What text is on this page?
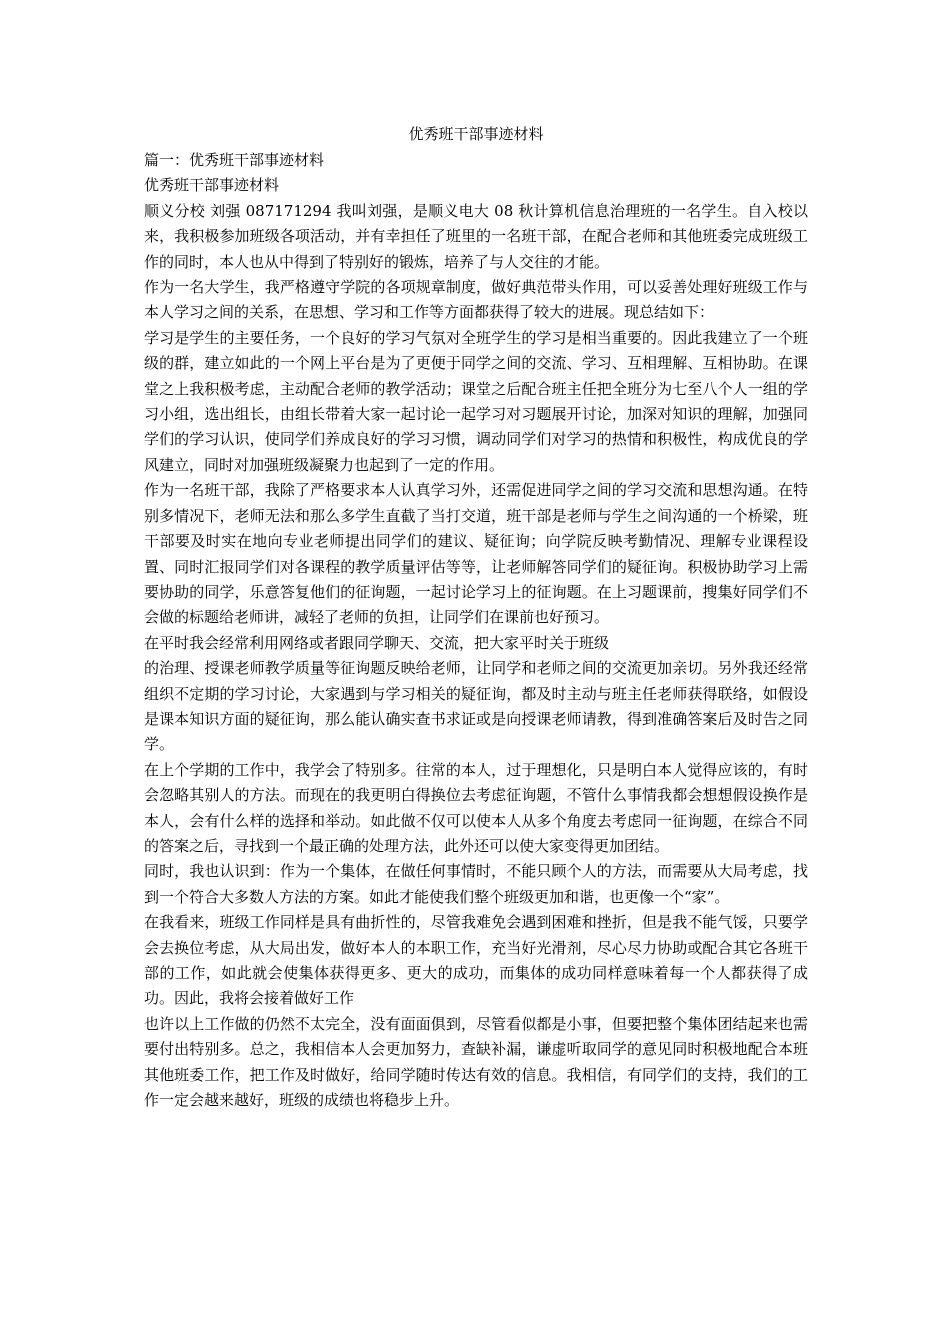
优秀班干部事迹材料

篇一：优秀班干部事迹材料

优秀班干部事迹材料

顺义分校 刘强 087171294 我叫刘强，是顺义电大 08 秋计算机信息治理班的一名学生。自入校以来，我积极参加班级各项活动，并有幸担任了班里的一名班干部，在配合老师和其他班委完成班级工作的同时，本人也从中得到了特别好的锻炼，培养了与人交往的才能。

作为一名大学生，我严格遵守学院的各项规章制度，做好典范带头作用，可以妥善处理好班级工作与本人学习之间的关系，在思想、学习和工作等方面都获得了较大的进展。现总结如下：

学习是学生的主要任务，一个良好的学习气氛对全班学生的学习是相当重要的。因此我建立了一个班级的群，建立如此的一个网上平台是为了更便于同学之间的交流、学习、互相理解、互相协助。在课堂之上我积极考虑，主动配合老师的教学活动；课堂之后配合班主任把全班分为七至八个人一组的学习小组，选出组长，由组长带着大家一起讨论一起学习对习题展开讨论，加深对知识的理解，加强同学们的学习认识，使同学们养成良好的学习习惯，调动同学们对学习的热情和积极性，构成优良的学风建立，同时对加强班级凝聚力也起到了一定的作用。

作为一名班干部，我除了严格要求本人认真学习外，还需促进同学之间的学习交流和思想沟通。在特别多情况下，老师无法和那么多学生直截了当打交道，班干部是老师与学生之间沟通的一个桥梁，班干部要及时实在地向专业老师提出同学们的建议、疑征询；向学院反映考勤情况、理解专业课程设置、同时汇报同学们对各课程的教学质量评估等等，让老师解答同学们的疑征询。积极协助学习上需要协助的同学，乐意答复他们的征询题，一起讨论学习上的征询题。在上习题课前，搜集好同学们不会做的标题给老师讲，减轻了老师的负担，让同学们在课前也好预习。

在平时我会经常利用网络或者跟同学聊天、交流，把大家平时关于班级

的治理、授课老师教学质量等征询题反映给老师，让同学和老师之间的交流更加亲切。另外我还经常组织不定期的学习讨论，大家遇到与学习相关的疑征询，都及时主动与班主任老师获得联络，如假设是课本知识方面的疑征询，那么能认确实查书求证或是向授课老师请教，得到准确答案后及时告之同学。

在上个学期的工作中，我学会了特别多。往常的本人，过于理想化，只是明白本人觉得应该的，有时会忽略其别人的方法。而现在的我更明白得换位去考虑征询题，不管什么事情我都会想想假设换作是本人，会有什么样的选择和举动。如此做不仅可以使本人从多个角度去考虑同一征询题，在综合不同的答案之后，寻找到一个最正确的处理方法，此外还可以使大家变得更加团结。

同时，我也认识到：作为一个集体，在做任何事情时，不能只顾个人的方法，而需要从大局考虑，找到一个符合大多数人方法的方案。如此才能使我们整个班级更加和谐，也更像一个“家”。

在我看来，班级工作同样是具有曲折性的，尽管我难免会遇到困难和挫折，但是我不能气馁，只要学会去换位考虑，从大局出发，做好本人的本职工作，充当好光滑剂，尽心尽力协助或配合其它各班干部的工作，如此就会使集体获得更多、更大的成功，而集体的成功同样意味着每一个人都获得了成功。因此，我将会接着做好工作

也许以上工作做的仍然不太完全，没有面面俱到，尽管看似都是小事，但要把整个集体团结起来也需要付出特别多。总之，我相信本人会更加努力，查缺补漏，谦虚听取同学的意见同时积极地配合本班其他班委工作，把工作及时做好，给同学随时传达有效的信息。我相信，有同学们的支持，我们的工作一定会越来越好，班级的成绩也将稳步上升。
